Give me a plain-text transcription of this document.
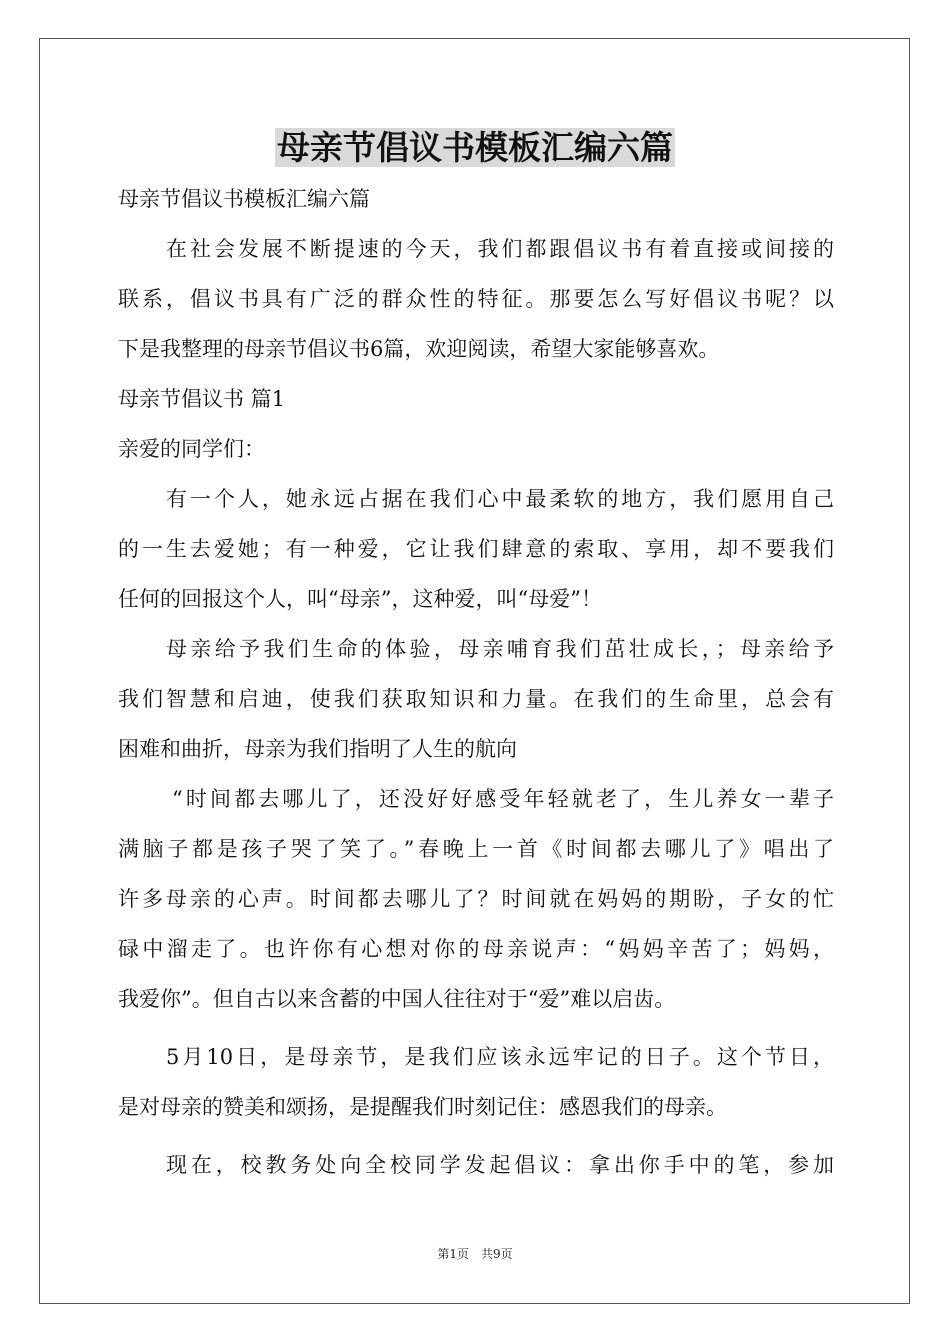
母亲节倡议书模板汇编六篇
母亲节倡议书模板汇编六篇
在社会发展不断提速的今天，我们都跟倡议书有着直接或间接的
联系，倡议书具有广泛的群众性的特征。那要怎么写好倡议书呢？以
下是我整理的母亲节倡议书6篇，欢迎阅读，希望大家能够喜欢。
母亲节倡议书 篇1
亲爱的同学们：
有一个人，她永远占据在我们心中最柔软的地方，我们愿用自己
的一生去爱她；有一种爱，它让我们肆意的索取、享用，却不要我们
任何的回报这个人，叫“母亲”，这种爱，叫“母爱”！
母亲给予我们生命的体验，母亲哺育我们茁壮成长，；母亲给予
我们智慧和启迪，使我们获取知识和力量。在我们的生命里，总会有
困难和曲折，母亲为我们指明了人生的航向
“时间都去哪儿了，还没好好感受年轻就老了，生儿养女一辈子
满脑子都是孩子哭了笑了。”春晚上一首《时间都去哪儿了》唱出了
许多母亲的心声。时间都去哪儿了？时间就在妈妈的期盼，子女的忙
碌中溜走了。也许你有心想对你的母亲说声：“妈妈辛苦了；妈妈，
我爱你”。但自古以来含蓄的中国人往往对于“爱”难以启齿。
5月10日，是母亲节，是我们应该永远牢记的日子。这个节日，
是对母亲的赞美和颂扬，是提醒我们时刻记住：感恩我们的母亲。
现在，校教务处向全校同学发起倡议：拿出你手中的笔，参加
第1页　共9页
